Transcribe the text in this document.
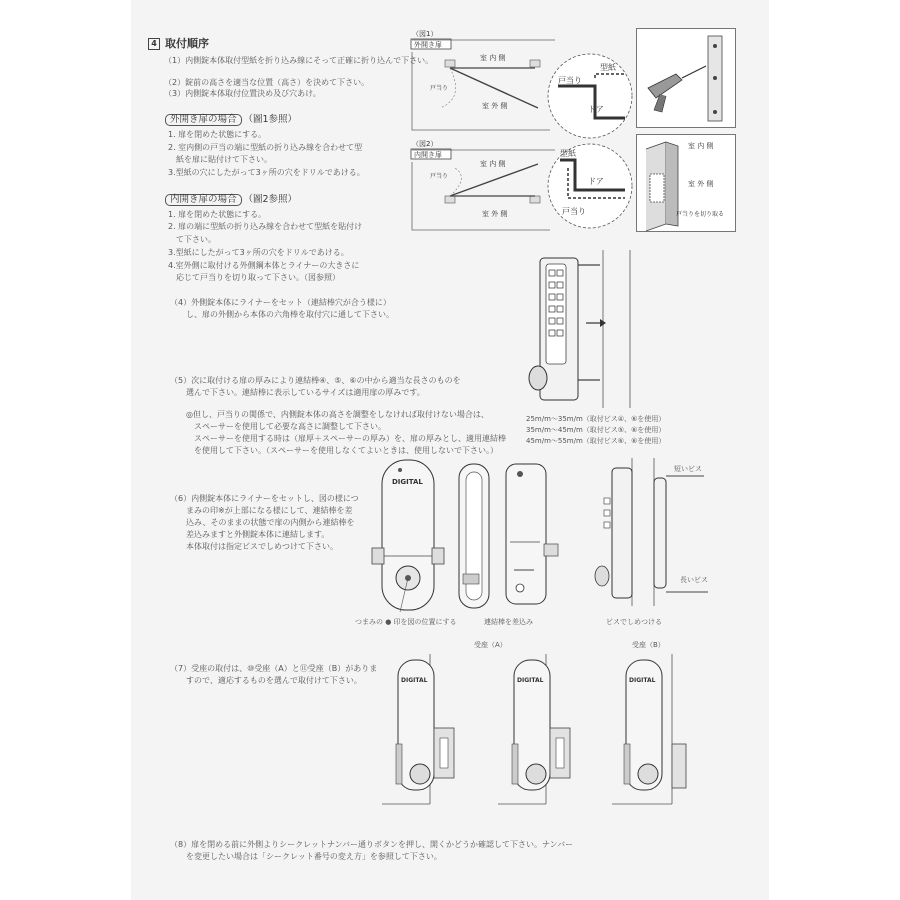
4 取付順序
（1）内側錠本体取付型紙を折り込み線にそって正確に折り込んで下さい。
（2）錠前の高さを適当な位置（高さ）を決めて下さい。
（3）内側錠本体取付位置決め及び穴あけ。
外開き扉の場合 （圖1参照）
1. 扉を閉めた状態にする。
2. 室内側の戸当の端に型紙の折り込み線を合わせて型
　紙を扉に貼付けて下さい。
3.型紙の穴にしたがって3ヶ所の穴をドリルであける。
内開き扉の場合 （圖2参照）
1. 扉を閉めた状態にする。
2. 扉の端に型紙の折り込み線を合わせて型紙を貼付け
　て下さい。
3.型紙にしたがって3ヶ所の穴をドリルであける。
4.室外側に取付ける外側鋼本体とライナーの大きさに
　応じて戸当りを切り取って下さい。（図参照）
（4）外側錠本体にライナーをセット（連結棒穴が合う様に）
　　し、扉の外側から本体の六角棒を取付穴に通して下さい。
（5）次に取付ける扉の厚みにより連結棒④、⑤、⑥の中から適当な長さのものを
　　選んで下さい。連結棒に表示しているサイズは適用扉の厚みです。
　　◎但し、戸当りの関係で、内側錠本体の高さを調整をしなければ取付けない場合は、
　　　スペーサーを使用して必要な高さに調整して下さい。
　　　スペーサーを使用する時は（扉厚＋スペーサーの厚み）を、扉の厚みとし、適用連結棒
　　　を使用して下さい。（スペーサーを使用しなくてよいときは、使用しないで下さい。）
25m/m〜35m/m（取付ビス④、⑥を使用）
35m/m〜45m/m（取付ビス⑤、⑥を使用）
45m/m〜55m/m（取付ビス⑥、⑥を使用）
（6）内側錠本体にライナーをセットし、図の様につ
　　まみの印※が上部になる様にして、連結棒を差
　　込み、そのままの状態で扉の内側から連結棒を
　　差込みますと外側錠本体に連結します。
　　本体取付は指定ビスでしめつけて下さい。
（7）受座の取付は、⑩受座（A）と⑪受座（B）がありま
　　すので、適応するものを選んで取付けて下さい。
（8）扉を閉める前に外側よりシークレットナンバー通りボタンを押し、開くかどうか確認して下さい。ナンバー
　　を変更したい場合は「シークレット番号の変え方」を参照して下さい。
（図1）
外開き扉
室 内 側
室 外 側
戸当り
戸当り
型紙
ドア
（図2）
内開き扉
室 内 側
室 外 側
戸当り
型紙
ドア
戸当り
室 内 側
室 外 側
戸当りを切り取る
DIGITAL
つまみの ● 印を図の位置にする	連結棒を差込み
短いビス
長いビス
ビスでしめつける
受座（A）	受座（B）
DIGITAL	DIGITAL	DIGITAL
